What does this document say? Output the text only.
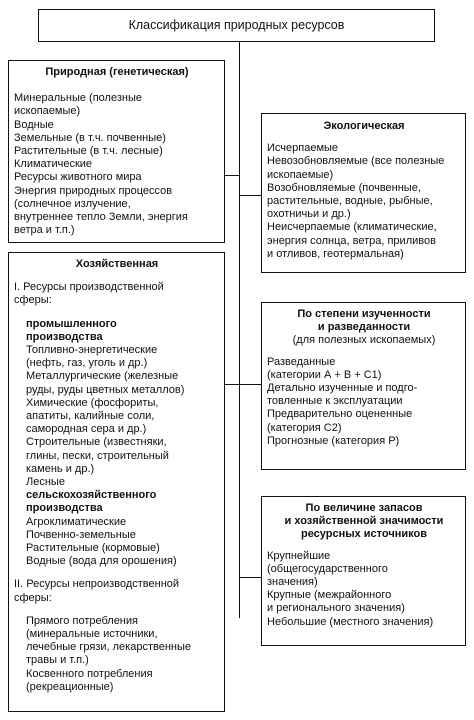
Классификация природных ресурсов
Природная (генетическая)
Минеральные (полезные
ископаемые)
Водные
Земельные (в т.ч. почвенные)
Растительные (в т.ч. лесные)
Климатические
Ресурсы животного мира
Энергия природных процессов
(солнечное излучение,
внутреннее тепло Земли, энергия
ветра и т.п.)
Экологическая
Исчерпаемые
Невозобновляемые (все полезные
ископаемые)
Возобновляемые (почвенные,
растительные, водные, рыбные,
охотничьи и др.)
Неисчерпаемые (климатические,
энергия солнца, ветра, приливов
и отливов, геотермальная)
Хозяйственная
I. Ресурсы производственной
сферы:
промышленного
производства
Топливно-энергетические
(нефть, газ, уголь и др.)
Металлургические (железные
руды, руды цветных металлов)
Химические (фосфориты,
апатиты, калийные соли,
самородная сера и др.)
Строительные (известняки,
глины, пески, строительный
камень и др.)
Лесные
сельскохозяйственного
производства
Агроклиматические
Почвенно-земельные
Растительные (кормовые)
Водные (вода для орошения)
II. Ресурсы непроизводственной
сферы:
Прямого потребления
(минеральные источники,
лечебные грязи, лекарственные
травы и т.п.)
Косвенного потребления
(рекреационные)
По степени изученности
и разведанности
(для полезных ископаемых)
Разведанные
(категории А + В + С1)
Детально изученные и подго-
товленные к эксплуатации
Предварительно оцененные
(категория С2)
Прогнозные (категория Р)
По величине запасов
и хозяйственной значимости
ресурсных источников
Крупнейшие
(общегосударственного
значения)
Крупные (межрайонного
и регионального значения)
Небольшие (местного значения)
